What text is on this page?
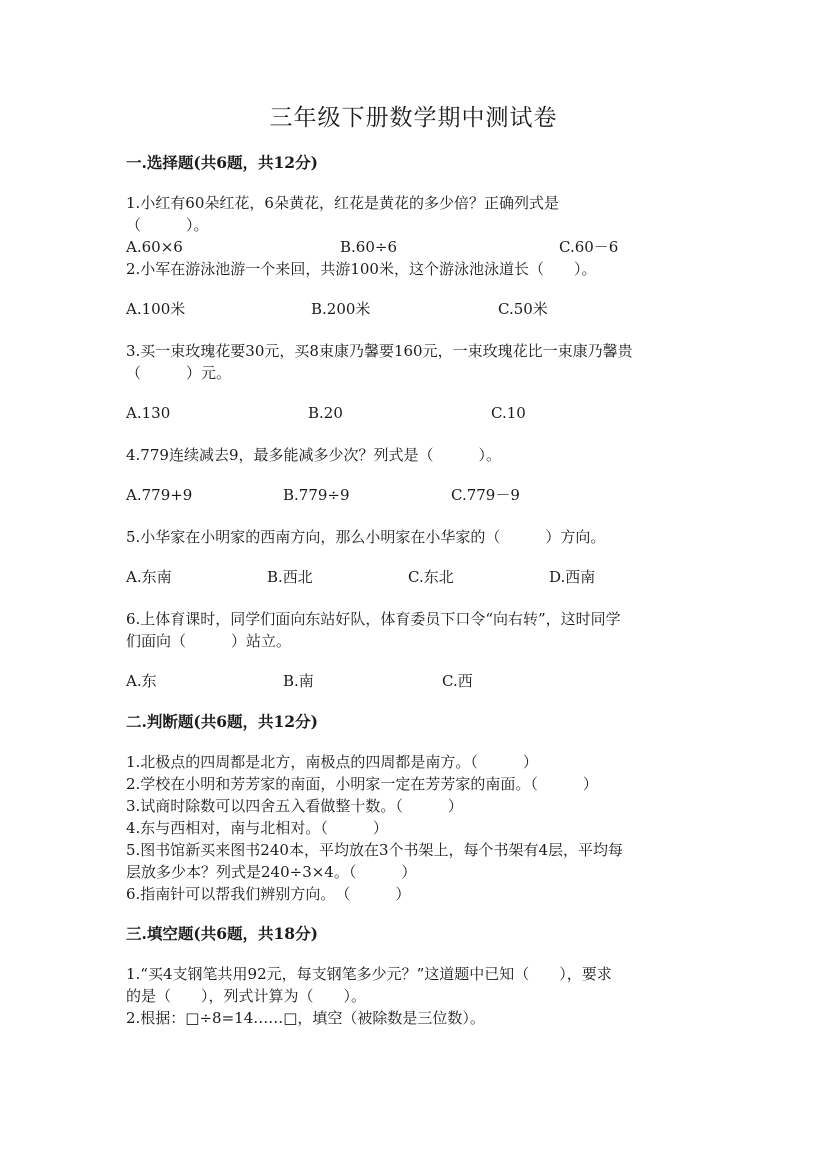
三年级下册数学期中测试卷
一.选择题(共6题，共12分)
1.小红有60朵红花，6朵黄花，红花是黄花的多少倍？正确列式是
（　　　）。
A.60×6	B.60÷6	C.60－6
2.小军在游泳池游一个来回，共游100米，这个游泳池泳道长（　　）。
A.100米	B.200米	C.50米
3.买一束玫瑰花要30元，买8束康乃馨要160元，一束玫瑰花比一束康乃馨贵
（　　　）元。
A.130	B.20	C.10
4.779连续减去9，最多能减多少次？列式是（　　　）。
A.779+9	B.779÷9	C.779－9
5.小华家在小明家的西南方向，那么小明家在小华家的（　　　）方向。
A.东南	B.西北	C.东北	D.西南
6.上体育课时，同学们面向东站好队，体育委员下口令“向右转”，这时同学
们面向（　　　）站立。
A.东	B.南	C.西
二.判断题(共6题，共12分)
1.北极点的四周都是北方，南极点的四周都是南方。（　　　）
2.学校在小明和芳芳家的南面，小明家一定在芳芳家的南面。（　　　）
3.试商时除数可以四舍五入看做整十数。（　　　）
4.东与西相对，南与北相对。（　　　）
5.图书馆新买来图书240本，平均放在3个书架上，每个书架有4层，平均每
层放多少本？列式是240÷3×4。（　　　）
6.指南针可以帮我们辨别方向。　（　　　）
三.填空题(共6题，共18分)
1.“买4支钢笔共用92元，每支钢笔多少元？”这道题中已知（　　），要求
的是（　　），列式计算为（　　）。
2.根据：□÷8=14……□，填空（被除数是三位数）。
